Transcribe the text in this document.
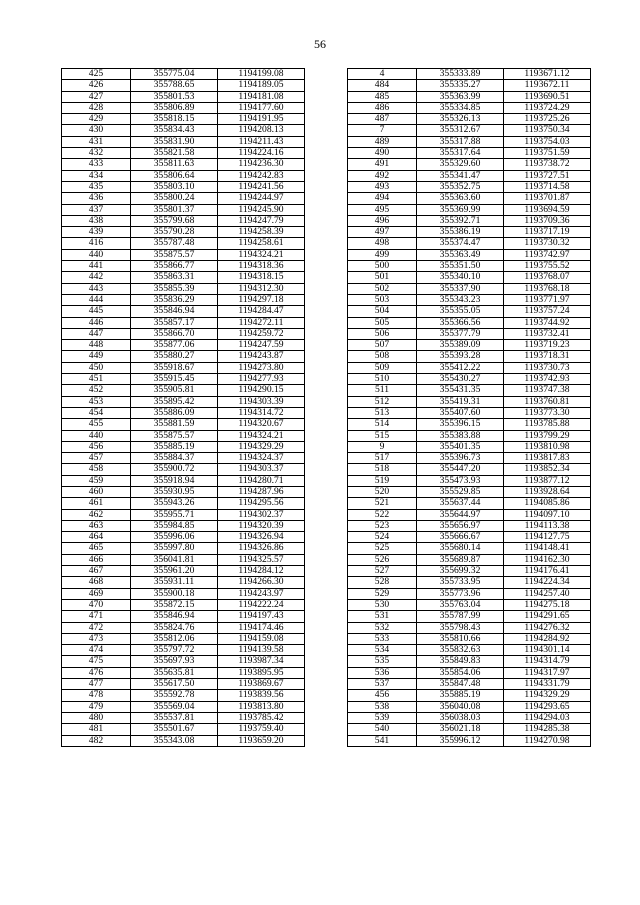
56
425	355775.04	1194199.08
426	355788.65	1194189.05
427	355801.53	1194181.08
428	355806.89	1194177.60
429	355818.15	1194191.95
430	355834.43	1194208.13
431	355831.90	1194211.43
432	355821.58	1194224.16
433	355811.63	1194236.30
434	355806.64	1194242.83
435	355803.10	1194241.56
436	355800.24	1194244.97
437	355801.37	1194245.90
438	355799.68	1194247.79
439	355790.28	1194258.39
416	355787.48	1194258.61
440	355875.57	1194324.21
441	355866.77	1194318.36
442	355863.31	1194318.15
443	355855.39	1194312.30
444	355836.29	1194297.18
445	355846.94	1194284.47
446	355857.17	1194272.11
447	355866.70	1194259.72
448	355877.06	1194247.59
449	355880.27	1194243.87
450	355918.67	1194273.80
451	355915.45	1194277.93
452	355905.81	1194290.15
453	355895.42	1194303.39
454	355886.09	1194314.72
455	355881.59	1194320.67
440	355875.57	1194324.21
456	355885.19	1194329.29
457	355884.37	1194324.37
458	355900.72	1194303.37
459	355918.94	1194280.71
460	355930.95	1194287.96
461	355943.26	1194295.56
462	355955.71	1194302.37
463	355984.85	1194320.39
464	355996.06	1194326.94
465	355997.80	1194326.86
466	356041.81	1194325.57
467	355961.20	1194284.12
468	355931.11	1194266.30
469	355900.18	1194243.97
470	355872.15	1194222.24
471	355846.94	1194197.43
472	355824.76	1194174.46
473	355812.06	1194159.08
474	355797.72	1194139.58
475	355697.93	1193987.34
476	355635.81	1193895.95
477	355617.50	1193869.67
478	355592.78	1193839.56
479	355569.04	1193813.80
480	355537.81	1193785.42
481	355501.67	1193759.40
482	355343.08	1193659.20
4	355333.89	1193671.12
484	355335.27	1193672.11
485	355363.99	1193690.51
486	355334.85	1193724.29
487	355326.13	1193725.26
7	355312.67	1193750.34
489	355317.88	1193754.03
490	355317.64	1193751.59
491	355329.60	1193738.72
492	355341.47	1193727.51
493	355352.75	1193714.58
494	355363.60	1193701.87
495	355369.99	1193694.59
496	355392.71	1193709.36
497	355386.19	1193717.19
498	355374.47	1193730.32
499	355363.49	1193742.97
500	355351.50	1193755.52
501	355340.10	1193768.07
502	355337.90	1193768.18
503	355343.23	1193771.97
504	355355.05	1193757.24
505	355366.56	1193744.92
506	355377.79	1193732.41
507	355389.09	1193719.23
508	355393.28	1193718.31
509	355412.22	1193730.73
510	355430.27	1193742.93
511	355431.35	1193747.38
512	355419.31	1193760.81
513	355407.60	1193773.30
514	355396.15	1193785.88
515	355383.88	1193799.29
9	355401.35	1193810.98
517	355396.73	1193817.83
518	355447.20	1193852.34
519	355473.93	1193877.12
520	355529.85	1193928.64
521	355637.44	1194085.86
522	355644.97	1194097.10
523	355656.97	1194113.38
524	355666.67	1194127.75
525	355680.14	1194148.41
526	355689.87	1194162.30
527	355699.32	1194176.41
528	355733.95	1194224.34
529	355773.96	1194257.40
530	355763.04	1194275.18
531	355787.99	1194291.65
532	355798.43	1194276.32
533	355810.66	1194284.92
534	355832.63	1194301.14
535	355849.83	1194314.79
536	355854.06	1194317.97
537	355847.48	1194331.79
456	355885.19	1194329.29
538	356040.08	1194293.65
539	356038.03	1194294.03
540	356021.18	1194285.38
541	355996.12	1194270.98
